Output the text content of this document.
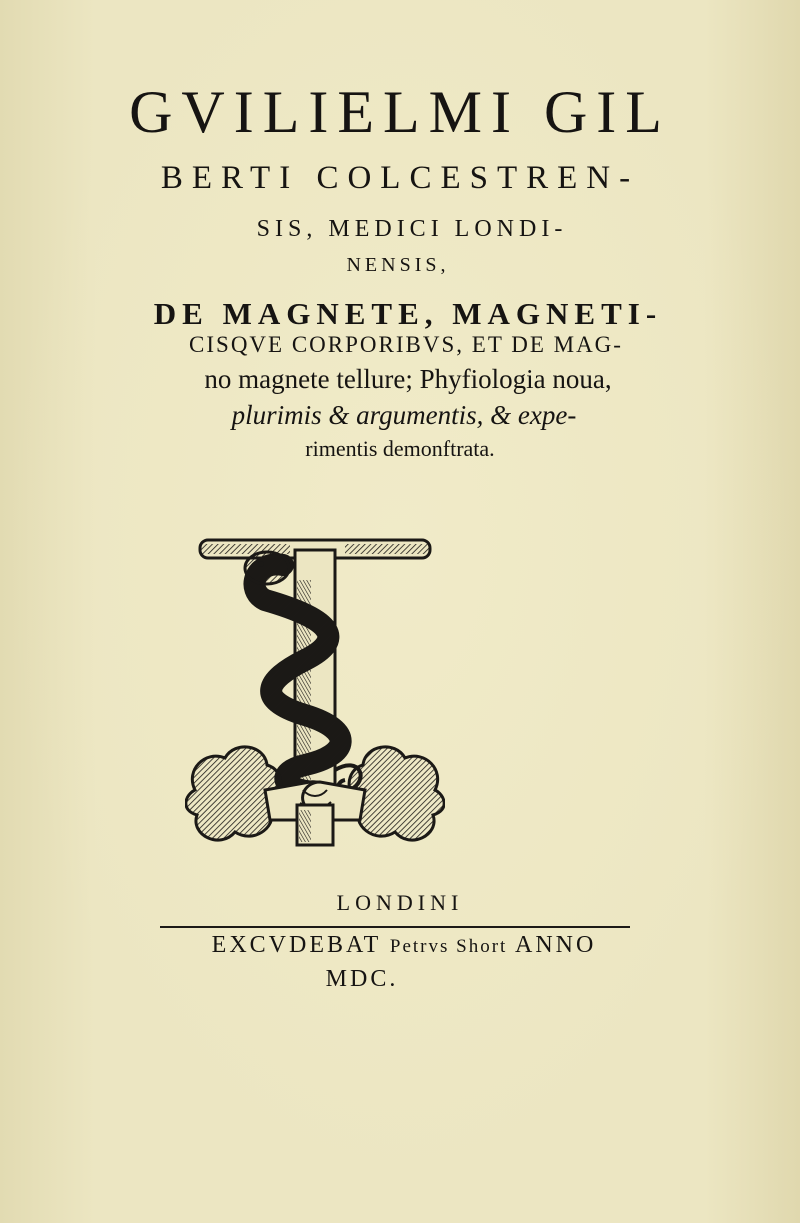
GVILIELMI GIL
BERTI COLCESTREN-
SIS, MEDICI LONDI-
NENSIS,
DE MAGNETE, MAGNETI-
CISQVE CORPORIBVS, ET DE MAG-
no magnete tellure; Phyfiologia noua,
plurimis & argumentis, & expe-
rimentis demonftrata.
LONDINI
EXCVDEBAT Petrvs Short ANNO
MDC.
